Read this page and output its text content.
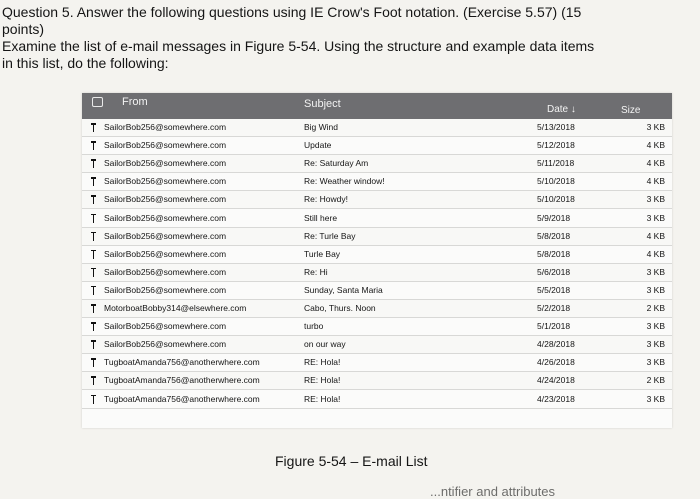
Question 5. Answer the following questions using IE Crow's Foot notation. (Exercise 5.57) (15
points)
Examine the list of e-mail messages in Figure 5-54. Using the structure and example data items
in this list, do the following:
From	Subject	Date ↓	Size
SailorBob256@somewhere.com	Big Wind	5/13/2018	3 KB
SailorBob256@somewhere.com	Update	5/12/2018	4 KB
SailorBob256@somewhere.com	Re: Saturday Am	5/11/2018	4 KB
SailorBob256@somewhere.com	Re: Weather window!	5/10/2018	4 KB
SailorBob256@somewhere.com	Re: Howdy!	5/10/2018	3 KB
SailorBob256@somewhere.com	Still here	5/9/2018	3 KB
SailorBob256@somewhere.com	Re: Turle Bay	5/8/2018	4 KB
SailorBob256@somewhere.com	Turle Bay	5/8/2018	4 KB
SailorBob256@somewhere.com	Re: Hi	5/6/2018	3 KB
SailorBob256@somewhere.com	Sunday, Santa Maria	5/5/2018	3 KB
MotorboatBobby314@elsewhere.com	Cabo, Thurs. Noon	5/2/2018	2 KB
SailorBob256@somewhere.com	turbo	5/1/2018	3 KB
SailorBob256@somewhere.com	on our way	4/28/2018	3 KB
TugboatAmanda756@anotherwhere.com	RE: Hola!	4/26/2018	3 KB
TugboatAmanda756@anotherwhere.com	RE: Hola!	4/24/2018	2 KB
TugboatAmanda756@anotherwhere.com	RE: Hola!	4/23/2018	3 KB
Figure 5-54 – E-mail List
...ntifier and attributes
